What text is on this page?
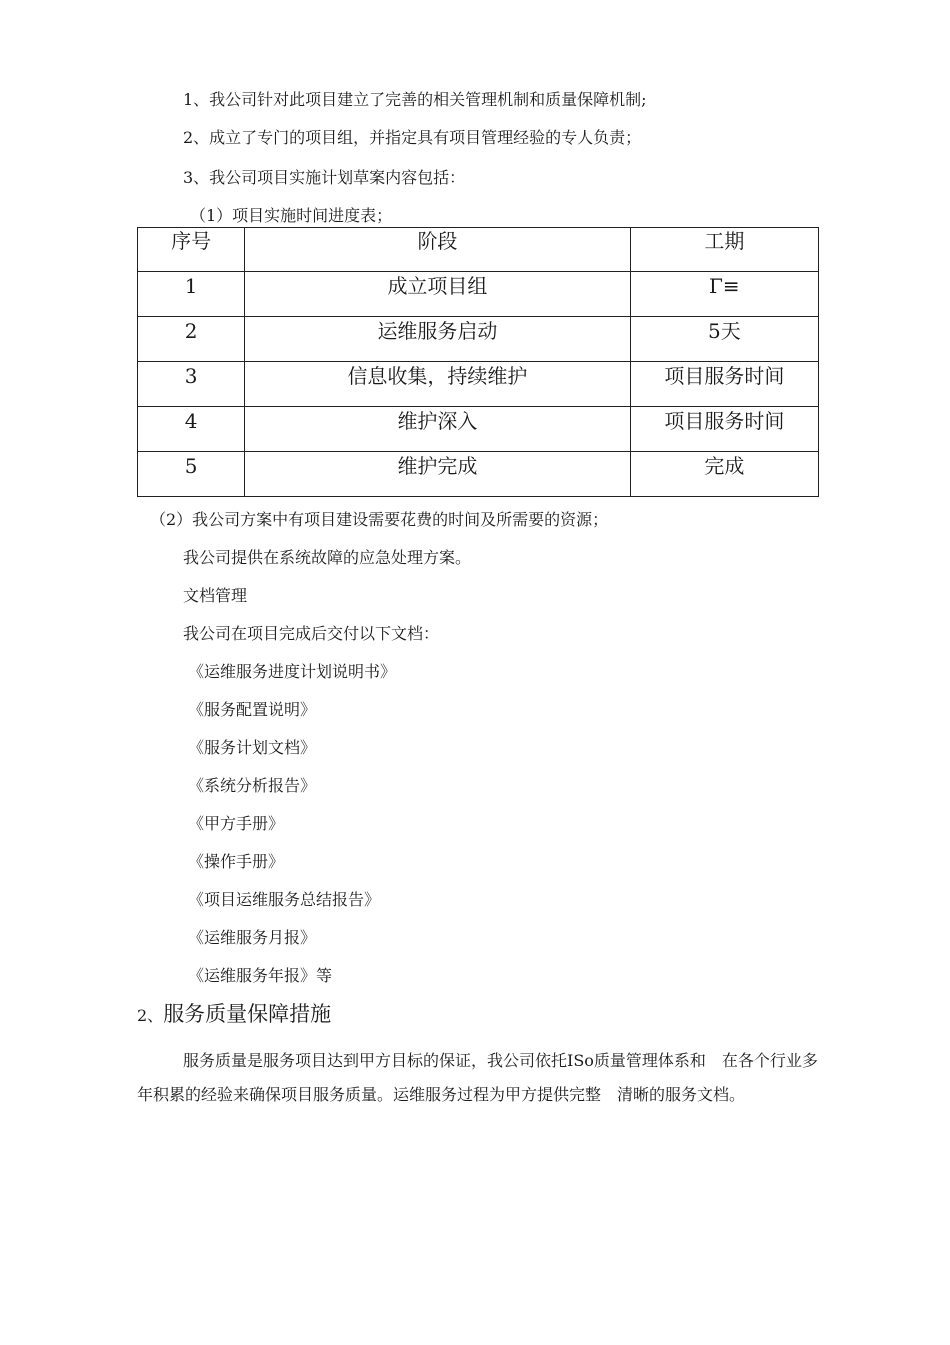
1、我公司针对此项目建立了完善的相关管理机制和质量保障机制;
2、成立了专门的项目组，并指定具有项目管理经验的专人负责；
3、我公司项目实施计划草案内容包括：
（1）项目实施时间进度表；
序号	阶段	工期
1	成立项目组	Γ≡
2	运维服务启动	5天
3	信息收集，持续维护	项目服务时间
4	维护深入	项目服务时间
5	维护完成	完成
（2）我公司方案中有项目建设需要花费的时间及所需要的资源；
我公司提供在系统故障的应急处理方案。
文档管理
我公司在项目完成后交付以下文档：
《运维服务进度计划说明书》
《服务配置说明》
《服务计划文档》
《系统分析报告》
《甲方手册》
《操作手册》
《项目运维服务总结报告》
《运维服务月报》
《运维服务年报》等
2、服务质量保障措施
服务质量是服务项目达到甲方目标的保证，我公司依托ISo质量管理体系和　在各个行业多年积累的经验来确保项目服务质量。运维服务过程为甲方提供完整　清晰的服务文档。
